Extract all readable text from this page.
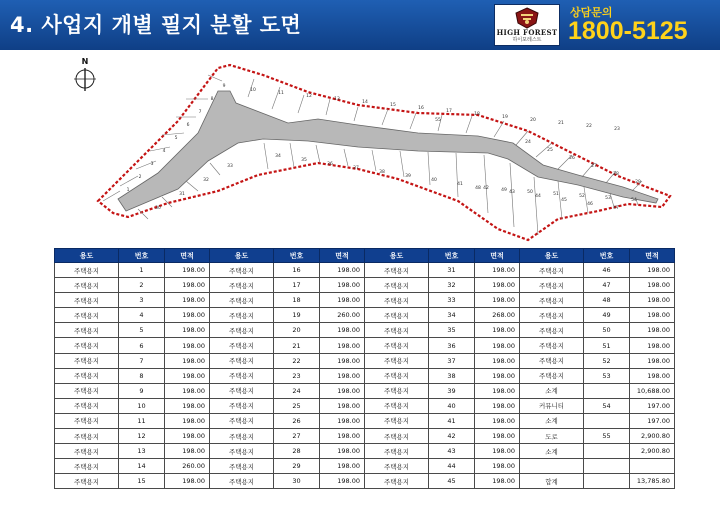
4. 사업지 개별 필지 분할 도면	HIGH FOREST
하이포레스트
상담문의
1800-5125
N
1
2
3
4
5
6
7
8
9
10
11
12
13
14
15
16
17
18
19
20
21
22
23
24
25
26
27
28
29
30
31
32
33
34
35
36
37
38
39
40
41
42
43
44
45
46
47
48	49	50	51	52	53	54
55
용도	번호	면적	용도	번호	면적	용도	번호	면적	용도	번호	면적
주택용지	1	198.00	주택용지	16	198.00	주택용지	31	198.00	주택용지	46	198.00
주택용지	2	198.00	주택용지	17	198.00	주택용지	32	198.00	주택용지	47	198.00
주택용지	3	198.00	주택용지	18	198.00	주택용지	33	198.00	주택용지	48	198.00
주택용지	4	198.00	주택용지	19	260.00	주택용지	34	268.00	주택용지	49	198.00
주택용지	5	198.00	주택용지	20	198.00	주택용지	35	198.00	주택용지	50	198.00
주택용지	6	198.00	주택용지	21	198.00	주택용지	36	198.00	주택용지	51	198.00
주택용지	7	198.00	주택용지	22	198.00	주택용지	37	198.00	주택용지	52	198.00
주택용지	8	198.00	주택용지	23	198.00	주택용지	38	198.00	주택용지	53	198.00
주택용지	9	198.00	주택용지	24	198.00	주택용지	39	198.00	소계		10,688.00
주택용지	10	198.00	주택용지	25	198.00	주택용지	40	198.00	커뮤니티	54	197.00
주택용지	11	198.00	주택용지	26	198.00	주택용지	41	198.00	소계		197.00
주택용지	12	198.00	주택용지	27	198.00	주택용지	42	198.00	도로	55	2,900.80
주택용지	13	198.00	주택용지	28	198.00	주택용지	43	198.00	소계		2,900.80
주택용지	14	260.00	주택용지	29	198.00	주택용지	44	198.00			
주택용지	15	198.00	주택용지	30	198.00	주택용지	45	198.00	합계		13,785.80
